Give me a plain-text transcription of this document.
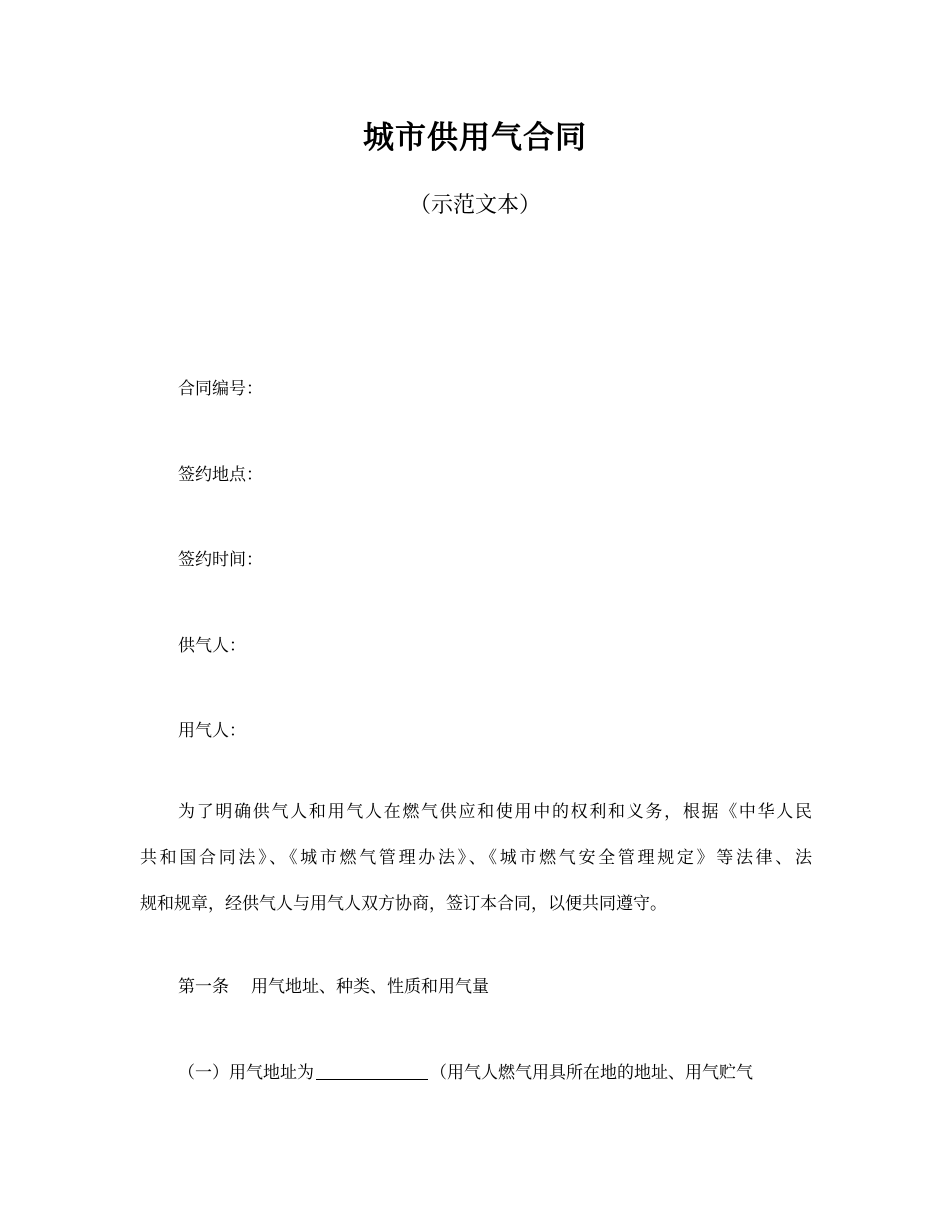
城市供用气合同

（示范文本）

合同编号：

签约地点：

签约时间：

供气人：

用气人：

为了明确供气人和用气人在燃气供应和使用中的权利和义务，根据《中华人民
共和国合同法》、《城市燃气管理办法》、《城市燃气安全管理规定》等法律、法
规和规章，经供气人与用气人双方协商，签订本合同，以便共同遵守。

第一条 用气地址、种类、性质和用气量

（一）用气地址为	（用气人燃气用具所在地的地址、用气贮气
